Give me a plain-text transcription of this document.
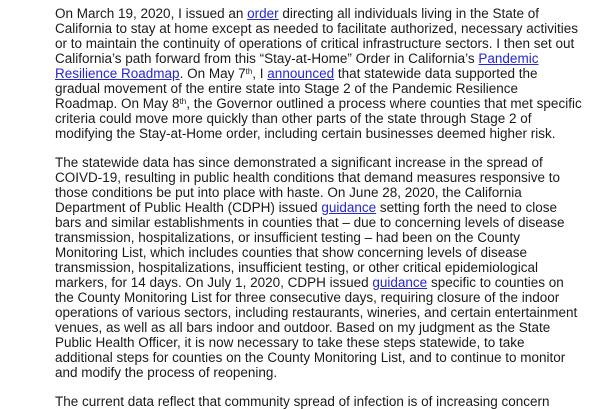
On March 19, 2020, I issued an order directing all individuals living in the State of California to stay at home except as needed to facilitate authorized, necessary activities or to maintain the continuity of operations of critical infrastructure sectors. I then set out California’s path forward from this “Stay-at-Home” Order in California’s Pandemic Resilience Roadmap. On May 7th, I announced that statewide data supported the gradual movement of the entire state into Stage 2 of the Pandemic Resilience Roadmap. On May 8th, the Governor outlined a process where counties that met specific criteria could move more quickly than other parts of the state through Stage 2 of modifying the Stay-at-Home order, including certain businesses deemed higher risk.

The statewide data has since demonstrated a significant increase in the spread of COIVD-19, resulting in public health conditions that demand measures responsive to those conditions be put into place with haste. On June 28, 2020, the California Department of Public Health (CDPH) issued guidance setting forth the need to close bars and similar establishments in counties that – due to concerning levels of disease transmission, hospitalizations, or insufficient testing – had been on the County Monitoring List, which includes counties that show concerning levels of disease transmission, hospitalizations, insufficient testing, or other critical epidemiological markers, for 14 days. On July 1, 2020, CDPH issued guidance specific to counties on the County Monitoring List for three consecutive days, requiring closure of the indoor operations of various sectors, including restaurants, wineries, and certain entertainment venues, as well as all bars indoor and outdoor. Based on my judgment as the State Public Health Officer, it is now necessary to take these steps statewide, to take additional steps for counties on the County Monitoring List, and to continue to monitor and modify the process of reopening.

The current data reflect that community spread of infection is of increasing concern
